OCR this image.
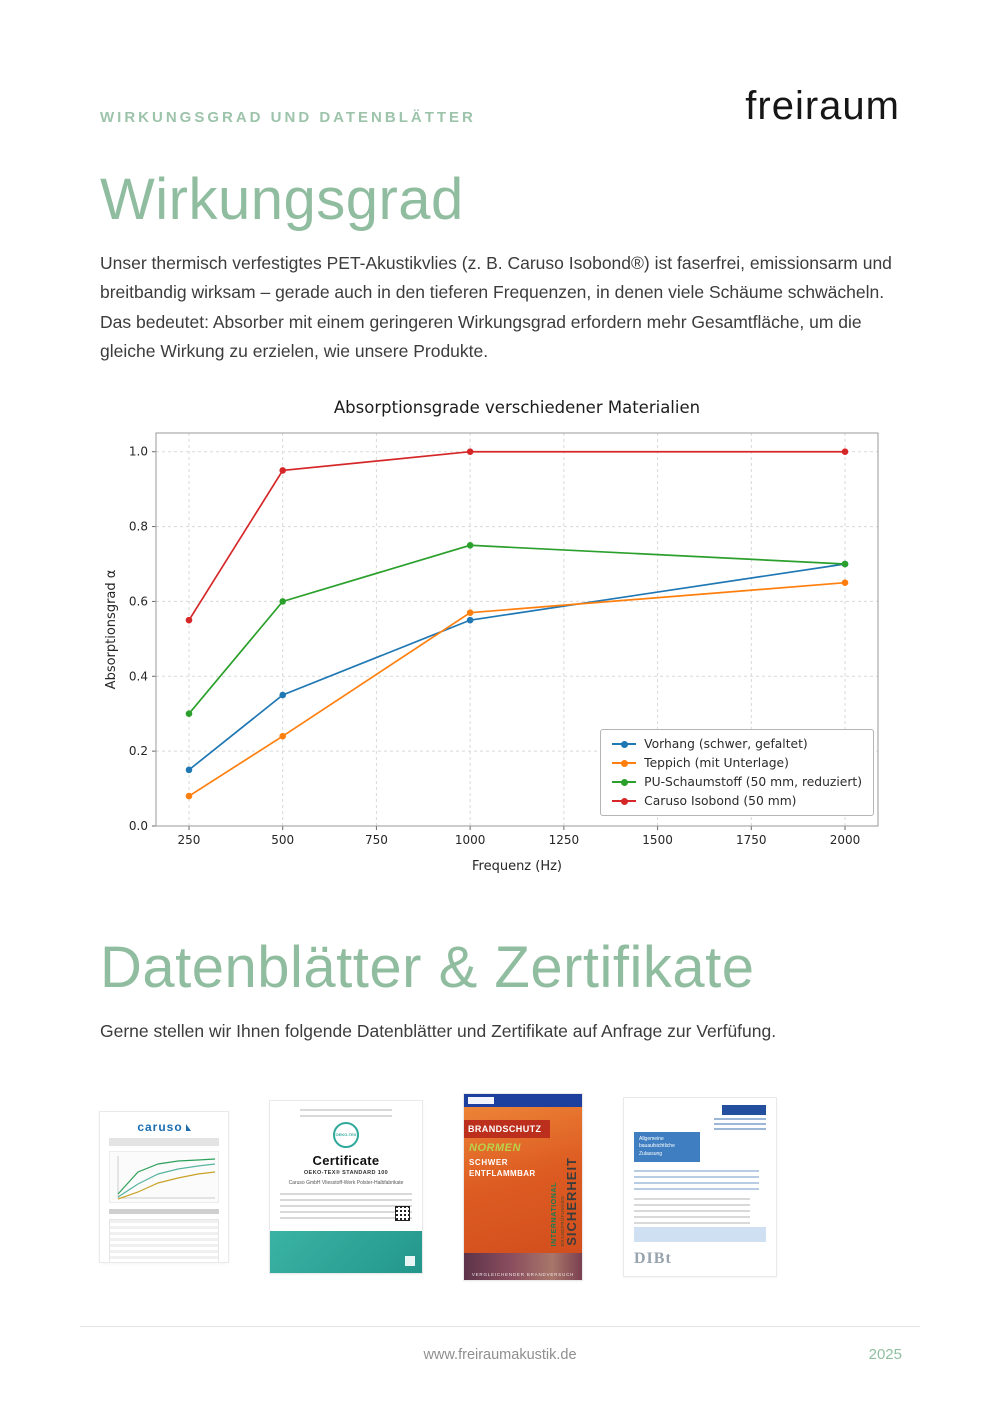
WIRKUNGSGRAD UND DATENBLÄTTER	freiraum
Wirkungsgrad

Unser thermisch verfestigtes PET-Akustikvlies (z. B. Caruso Isobond®) ist faserfrei, emissionsarm und breitbandig wirksam – gerade auch in den tieferen Frequenzen, in denen viele Schäume schwächeln. Das bedeutet: Absorber mit einem geringeren Wirkungsgrad erfordern mehr Gesamtfläche, um die gleiche Wirkung zu erzielen, wie unsere Produkte.

250	500	750	1000	1250	1500	1750	2000
0.0
0.2
0.4
0.6
0.8
1.0
Absorptionsgrade verschiedener Materialien
Frequenz (Hz)
Absorptionsgrad α
Vorhang (schwer, gefaltet)
Teppich (mit Unterlage)
PU-Schaumstoff (50 mm, reduziert)
Caruso Isobond (50 mm)
Datenblätter & Zertifikate

Gerne stellen wir Ihnen folgende Datenblätter und Zertifikate auf Anfrage zur Verfüfung.

caruso
OEKO-TEX
Certificate
OEKO-TEX® STANDARD 100
Caruso GmbH Vliesstoff-Werk Polster-Halbfabrikate
BRANDSCHUTZ
NORMEN
SCHWER
ENTFLAMMBAR
INTERNATIONAL BRANDPRÜFUNGEN SICHERHEIT
VERGLEICHENDER BRANDVERSUCH
Allgemeine bauaufsichtliche Zulassung
DIBt
www.freiraumakustik.de	2025
